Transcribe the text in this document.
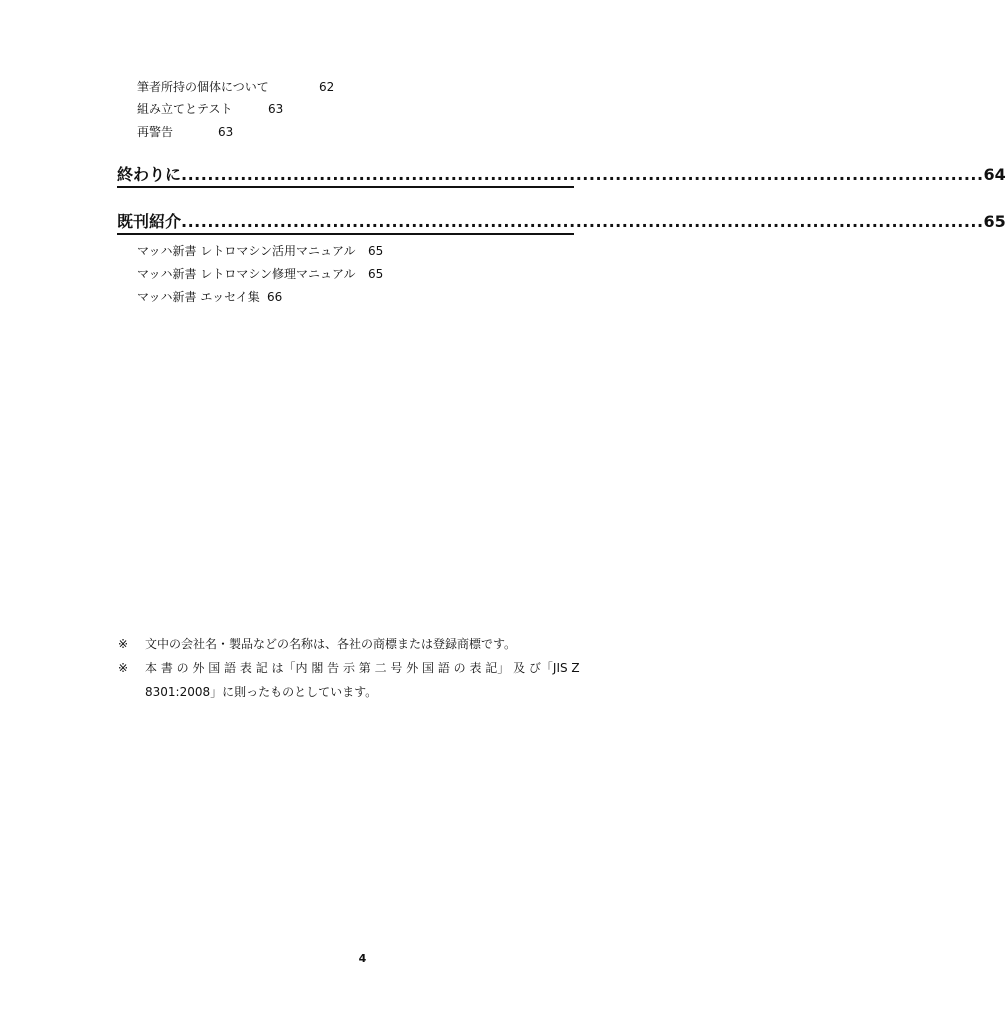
筆者所持の個体について	62
組み立てとテスト	63
再警告	63
終わりに .......................................................................................................................... 64
既刊紹介 .......................................................................................................................... 65
マッハ新書 レトロマシン活用マニュアル 65
マッハ新書 レトロマシン修理マニュアル 65
マッハ新書 エッセイ集 66
※ 文中の会社名・製品などの名称は、各社の商標または登録商標です。
※ 本 書 の 外 国 語 表 記 は「内 閣 告 示 第 二 号 外 国 語 の 表 記」 及 び「JIS Z
8301:2008」に則ったものとしています。
4
